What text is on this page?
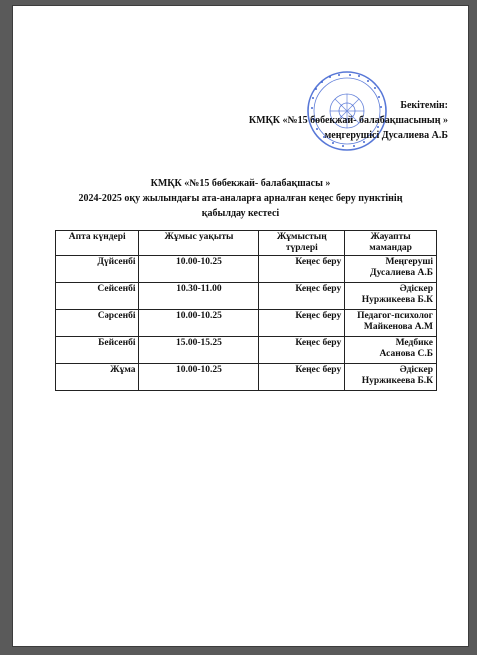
Бекітемін:
КМҚК «№15 бөбекжай- балабақшасының »
меңгерушісі Дусалиева А.Б
КМҚК «№15 бөбекжай- балабақшасы »
2024-2025 оқу жылындағы ата-аналарға арналған кеңес беру пунктінің
қабылдау кестесі
Апта күндері	Жұмыс уақыты	Жұмыстың түрлері	Жауапты мамандар
Дүйсенбі	10.00-10.25	Кеңес беру	Меңгеруші
Дусалиева А.Б

Сейсенбі	10.30-11.00	Кеңес беру	Әдіскер
Нуржикеева Б.К

Сәрсенбі	10.00-10.25	Кеңес беру	Педагог-психолог
Майкенова А.М

Бейсенбі	15.00-15.25	Кеңес беру	Медбике
Асанова С.Б

Жұма	10.00-10.25	Кеңес беру	Әдіскер
Нуржикеева Б.К
